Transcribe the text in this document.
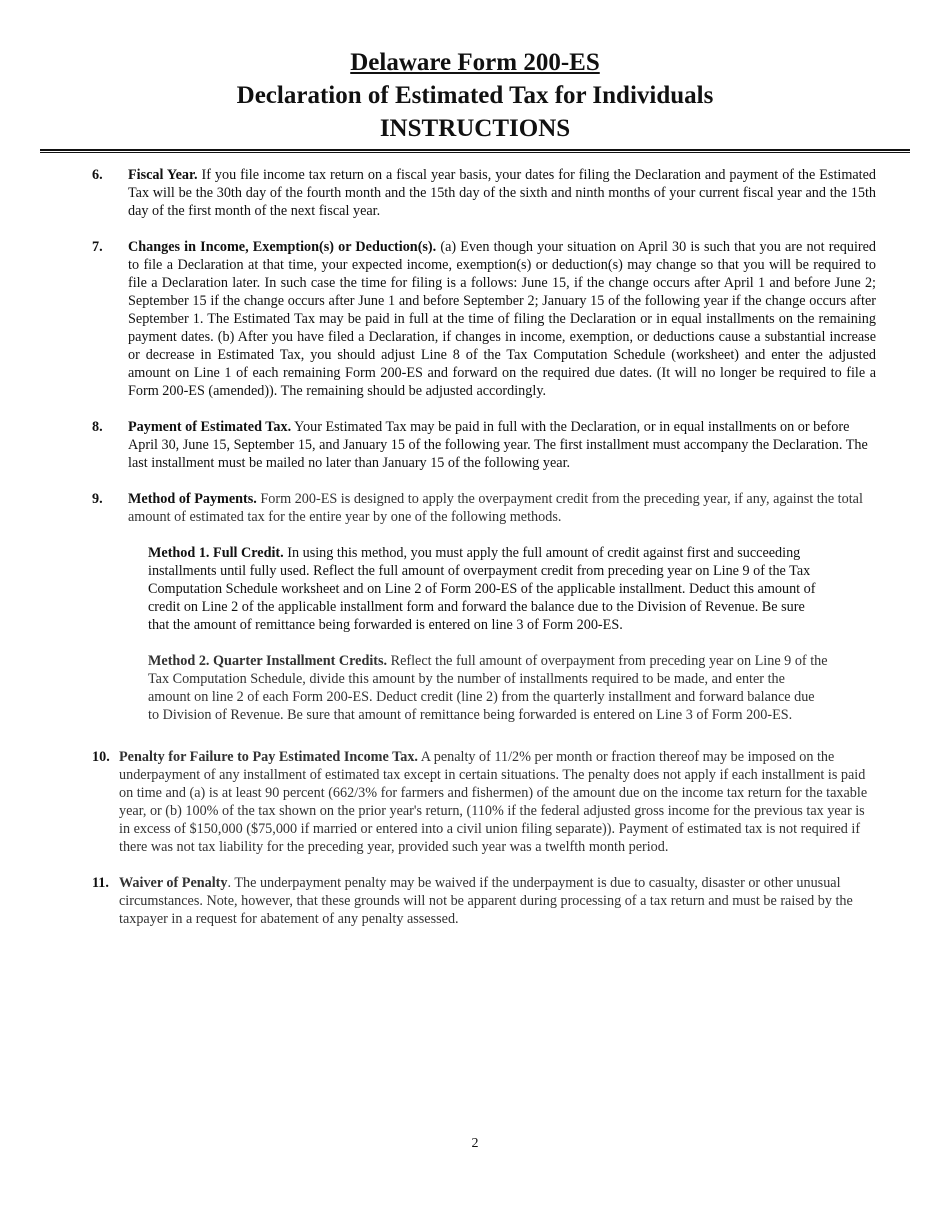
Delaware Form 200-ES
Declaration of Estimated Tax for Individuals
INSTRUCTIONS
6.	Fiscal Year. If you file income tax return on a fiscal year basis, your dates for filing the Declaration and payment of the Estimated Tax will be the 30th day of the fourth month and the 15th day of the sixth and ninth months of your current fiscal year and the 15th day of the first month of the next fiscal year.
7.	Changes in Income, Exemption(s) or Deduction(s). (a) Even though your situation on April 30 is such that you are not required to file a Declaration at that time, your expected income, exemption(s) or deduction(s) may change so that you will be required to file a Declaration later. In such case the time for filing is a follows: June 15, if the change occurs after April 1 and before June 2; September 15 if the change occurs after June 1 and before September 2; January 15 of the following year if the change occurs after September 1. The Estimated Tax may be paid in full at the time of filing the Declaration or in equal installments on the remaining payment dates. (b) After you have filed a Declaration, if changes in income, exemption, or deductions cause a substantial increase or decrease in Estimated Tax, you should adjust Line 8 of the Tax Computation Schedule (worksheet) and enter the adjusted amount on Line 1 of each remaining Form 200-ES and forward on the required due dates. (It will no longer be required to file a Form 200-ES (amended)). The remaining should be adjusted accordingly.
8.	Payment of Estimated Tax. Your Estimated Tax may be paid in full with the Declaration, or in equal installments on or before April 30, June 15, September 15, and January 15 of the following year. The first installment must accompany the Declaration. The last installment must be mailed no later than January 15 of the following year.
9.	Method of Payments. Form 200-ES is designed to apply the overpayment credit from the preceding year, if any, against the total amount of estimated tax for the entire year by one of the following methods.
Method 1. Full Credit. In using this method, you must apply the full amount of credit against first and succeeding installments until fully used. Reflect the full amount of overpayment credit from preceding year on Line 9 of the Tax Computation Schedule worksheet and on Line 2 of Form 200-ES of the applicable installment. Deduct this amount of credit on Line 2 of the applicable installment form and forward the balance due to the Division of Revenue. Be sure that the amount of remittance being forwarded is entered on line 3 of Form 200-ES.
Method 2. Quarter Installment Credits. Reflect the full amount of overpayment from preceding year on Line 9 of the Tax Computation Schedule, divide this amount by the number of installments required to be made, and enter the amount on line 2 of each Form 200-ES. Deduct credit (line 2) from the quarterly installment and forward balance due to Division of Revenue. Be sure that amount of remittance being forwarded is entered on Line 3 of Form 200-ES.
10. Penalty for Failure to Pay Estimated Income Tax. A penalty of 11/2% per month or fraction thereof may be imposed on the underpayment of any installment of estimated tax except in certain situations. The penalty does not apply if each installment is paid on time and (a) is at least 90 percent (662/3% for farmers and fishermen) of the amount due on the income tax return for the taxable year, or (b) 100% of the tax shown on the prior year's return, (110% if the federal adjusted gross income for the previous tax year is in excess of $150,000 ($75,000 if married or entered into a civil union filing separate)). Payment of estimated tax is not required if there was not tax liability for the preceding year, provided such year was a twelfth month period.
11. Waiver of Penalty. The underpayment penalty may be waived if the underpayment is due to casualty, disaster or other unusual circumstances. Note, however, that these grounds will not be apparent during processing of a tax return and must be raised by the taxpayer in a request for abatement of any penalty assessed.
2
